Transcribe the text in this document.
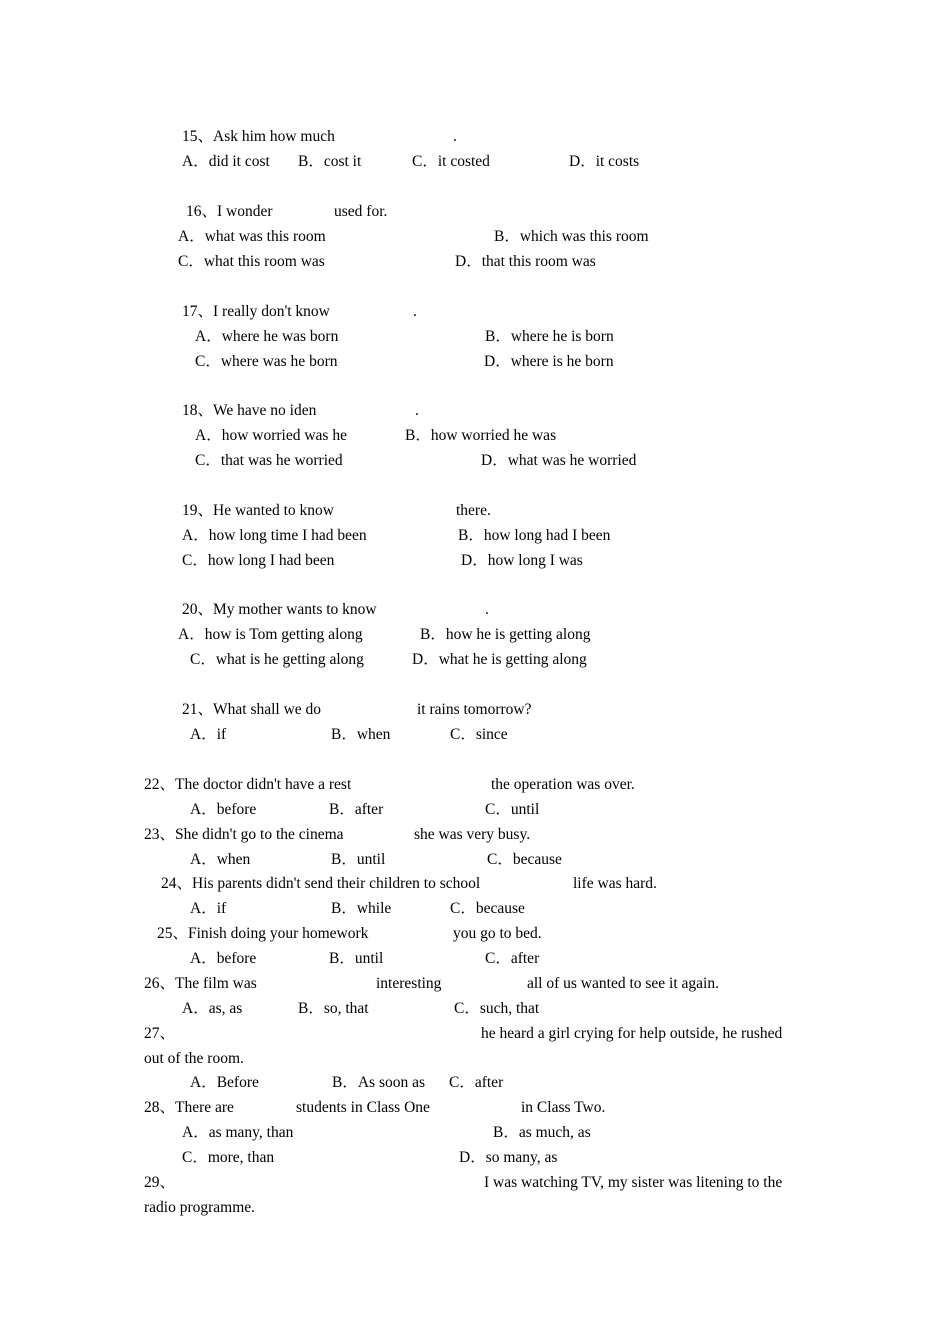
15、Ask him how much	.
A．did it cost B．cost it	C．it costed	D．it costs
16、I wonder	used for.
A．what was this room	B．which was this room
C．what this room was	D．that this room was
17、I really don't know	.
A．where he was born	B．where he is born
C．where was he born	D．where is he born
18、We have no iden	.
A．how worried was he	B．how worried he was
C．that was he worried	D．what was he worried
19、He wanted to know	there.
A．how long time I had been	B．how long had I been
C．how long I had been	D．how long I was
20、My mother wants to know	.
A．how is Tom getting along	B．how he is getting along
C．what is he getting along	D．what he is getting along
21、What shall we do	it rains tomorrow?
A．if	B．when	C．since
22、The doctor didn't have a rest	the operation was over.
A．before	B．after	C．until
23、She didn't go to the cinema	she was very busy.
A．when	B．until	C．because
24、His parents didn't send their children to school	life was hard.
A．if	B．while	C．because
25、Finish doing your homework	you go to bed.
A．before	B．until	C．after
26、The film was	interesting	all of us wanted to see it again.
A．as, as	B．so, that	C．such, that
27、	he heard a girl crying for help outside, he rushed
out of the room.
A．Before	B．As soon as C．after
28、There are	students in Class One	in Class Two.
A．as many, than	B．as much, as
C．more, than	D．so many, as
29、	I was watching TV, my sister was litening to the
radio programme.
